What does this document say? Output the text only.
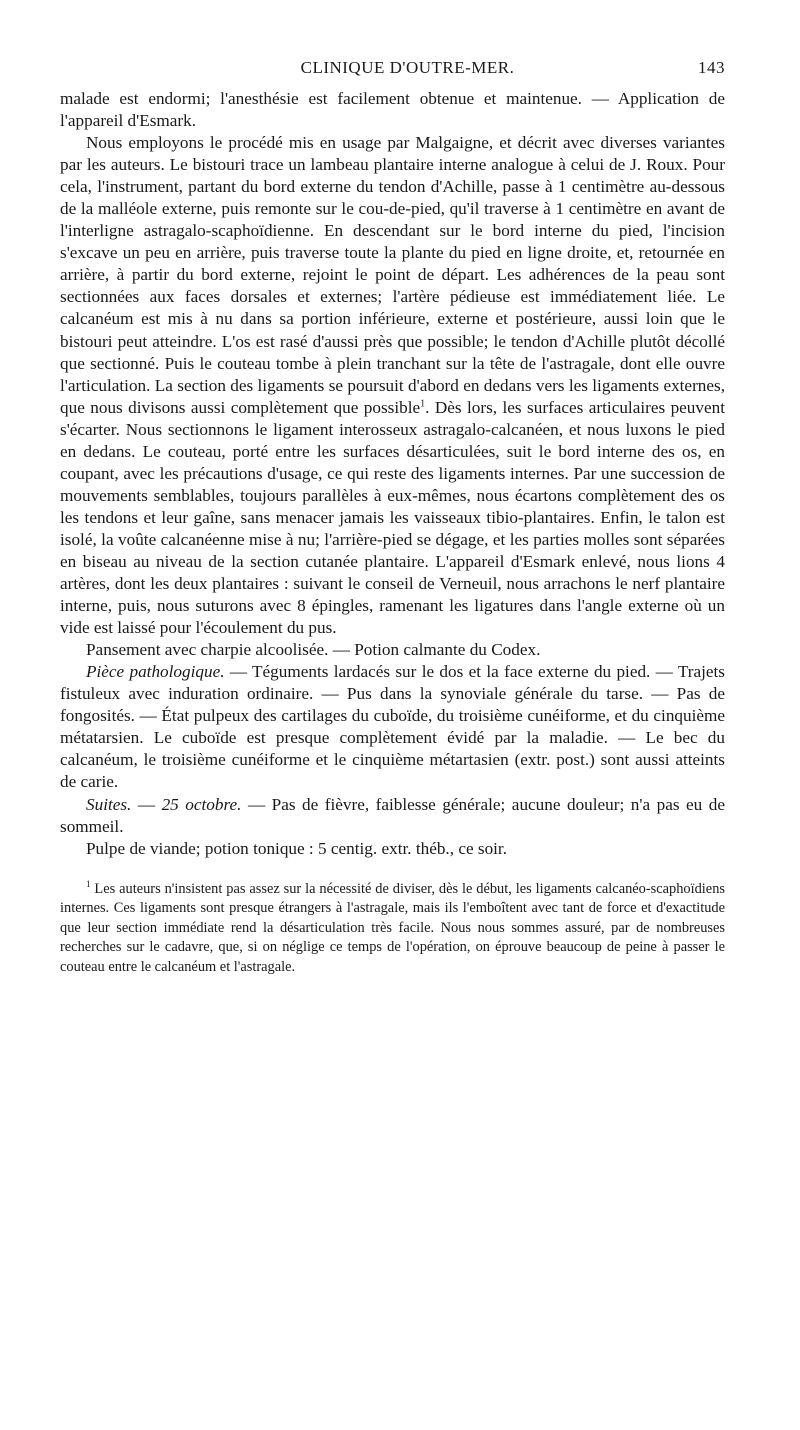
CLINIQUE D'OUTRE-MER.	143

malade est endormi; l'anesthésie est facilement obtenue et maintenue. — Application de l'appareil d'Esmark.

Nous employons le procédé mis en usage par Malgaigne, et décrit avec diverses variantes par les auteurs. Le bistouri trace un lambeau plantaire interne analogue à celui de J. Roux. Pour cela, l'instrument, partant du bord externe du tendon d'Achille, passe à 1 centimètre au-dessous de la malléole externe, puis remonte sur le cou-de-pied, qu'il traverse à 1 centimètre en avant de l'interligne astragalo-scaphoïdienne. En descendant sur le bord interne du pied, l'incision s'excave un peu en arrière, puis traverse toute la plante du pied en ligne droite, et, retournée en arrière, à partir du bord externe, rejoint le point de départ. Les adhérences de la peau sont sectionnées aux faces dorsales et externes; l'artère pédieuse est immédiatement liée. Le calcanéum est mis à nu dans sa portion inférieure, externe et postérieure, aussi loin que le bistouri peut atteindre. L'os est rasé d'aussi près que possible; le tendon d'Achille plutôt décollé que sectionné. Puis le couteau tombe à plein tranchant sur la tête de l'astragale, dont elle ouvre l'articulation. La section des ligaments se poursuit d'abord en dedans vers les ligaments externes, que nous divisons aussi complètement que possible$^1$. Dès lors, les surfaces articulaires peuvent s'écarter. Nous sectionnons le ligament interosseux astragalo-calcanéen, et nous luxons le pied en dedans. Le couteau, porté entre les surfaces désarticulées, suit le bord interne des os, en coupant, avec les précautions d'usage, ce qui reste des ligaments internes. Par une succession de mouvements semblables, toujours parallèles à eux-mêmes, nous écartons complètement des os les tendons et leur gaîne, sans menacer jamais les vaisseaux tibio-plantaires. Enfin, le talon est isolé, la voûte calcanéenne mise à nu; l'arrière-pied se dégage, et les parties molles sont séparées en biseau au niveau de la section cutanée plantaire. L'appareil d'Esmark enlevé, nous lions 4 artères, dont les deux plantaires : suivant le conseil de Verneuil, nous arrachons le nerf plantaire interne, puis, nous suturons avec 8 épingles, ramenant les ligatures dans l'angle externe où un vide est laissé pour l'écoulement du pus.

Pansement avec charpie alcoolisée. — Potion calmante du Codex.

Pièce pathologique. — Téguments lardacés sur le dos et la face externe du pied. — Trajets fistuleux avec induration ordinaire. — Pus dans la synoviale générale du tarse. — Pas de fongosités. — État pulpeux des cartilages du cuboïde, du troisième cunéiforme, et du cinquième métatarsien. Le cuboïde est presque complètement évidé par la maladie. — Le bec du calcanéum, le troisième cunéiforme et le cinquième métartasien (extr. post.) sont aussi atteints de carie.

Suites. — 25 octobre. — Pas de fièvre, faiblesse générale; aucune douleur; n'a pas eu de sommeil.

Pulpe de viande; potion tonique : 5 centig. extr. théb., ce soir.

$^1$ Les auteurs n'insistent pas assez sur la nécessité de diviser, dès le début, les ligaments calcanéo-scaphoïdiens internes. Ces ligaments sont presque étrangers à l'astragale, mais ils l'emboîtent avec tant de force et d'exactitude que leur section immédiate rend la désarticulation très facile. Nous nous sommes assuré, par de nombreuses recherches sur le cadavre, que, si on néglige ce temps de l'opération, on éprouve beaucoup de peine à passer le couteau entre le calcanéum et l'astragale.
